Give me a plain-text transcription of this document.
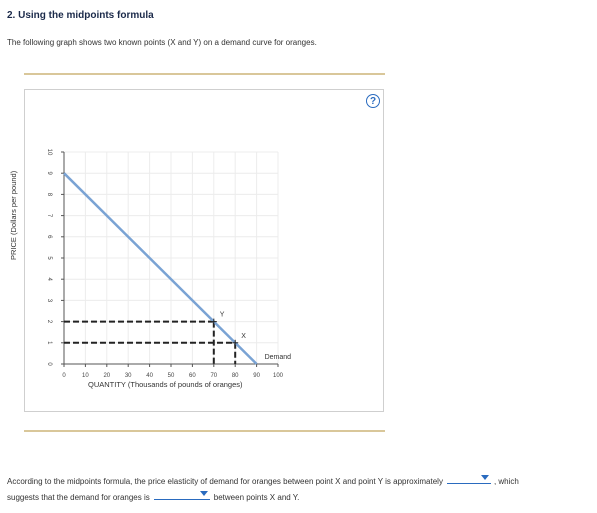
2. Using the midpoints formula
The following graph shows two known points (X and Y) on a demand curve for oranges.
?
0	10 20 30 40 50 60 70 80 90 100
0
1
2
3
4
5
6
7
8
9
10
Demand
Y
X
PRICE (Dollars per pound)
QUANTITY (Thousands of pounds of oranges)
According to the midpoints formula, the price elasticity of demand for oranges between point X and point Y is approximately	, which
suggests that the demand for oranges is	between points X and Y.
